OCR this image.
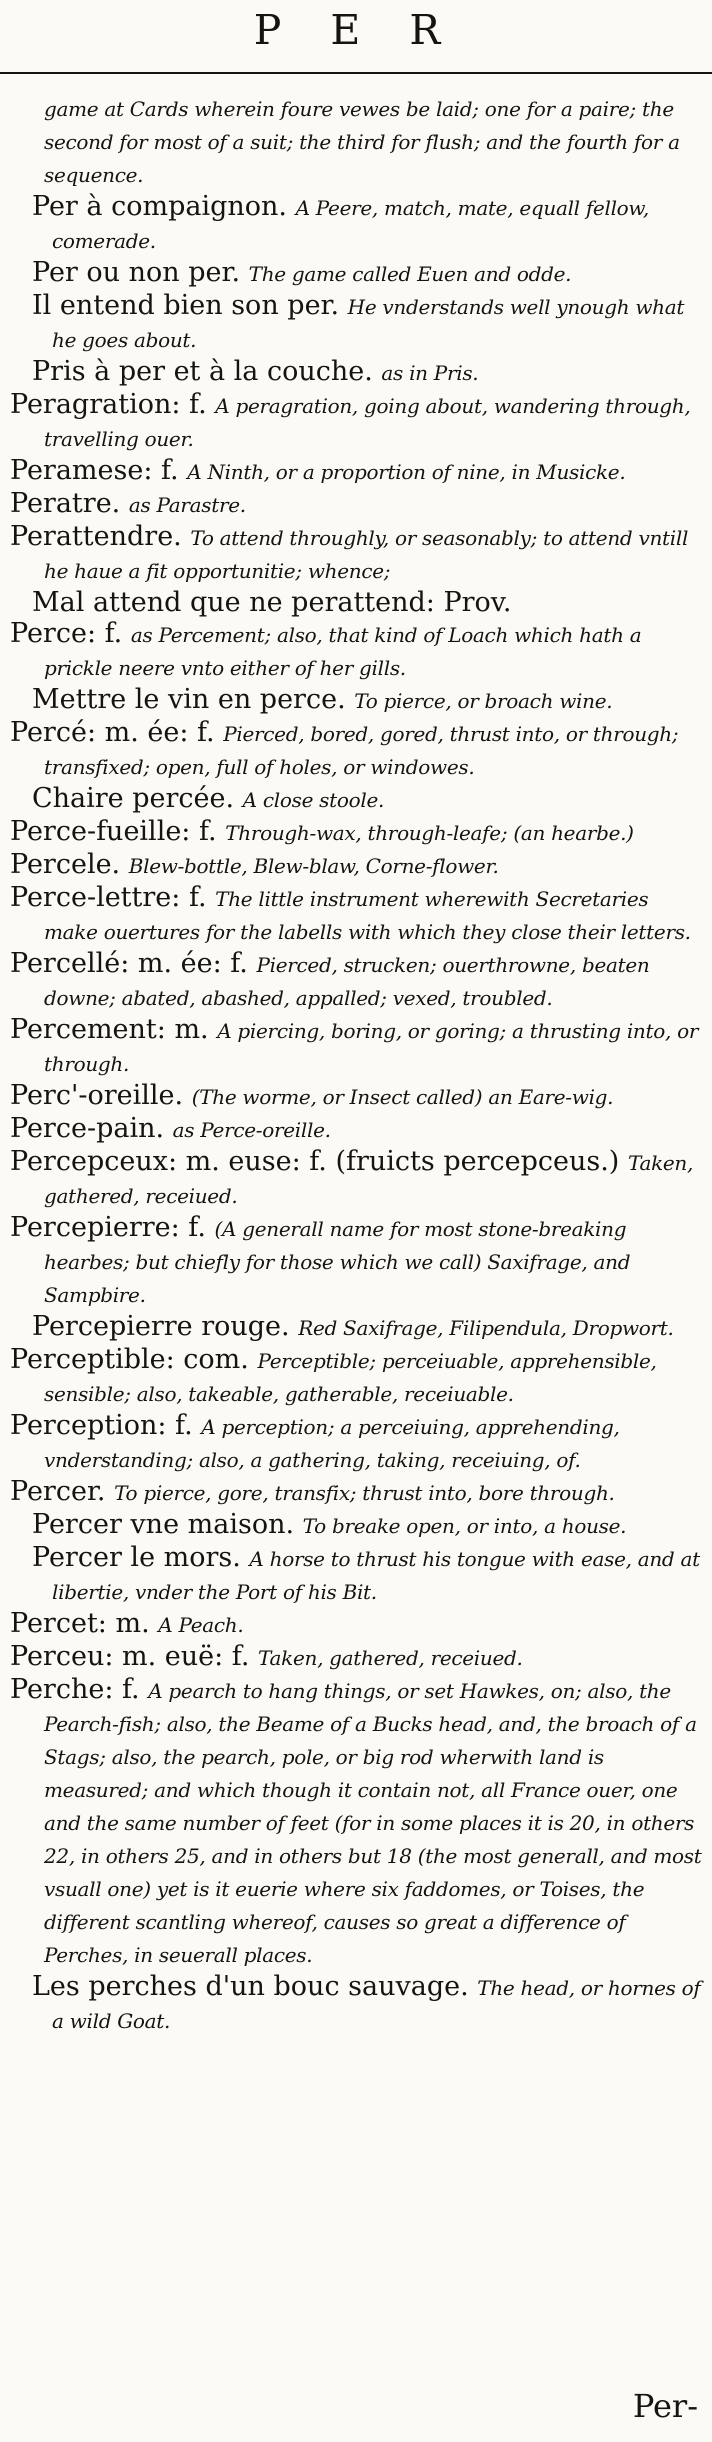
P E R

game at Cards wherein foure vewes be laid; one for a paire; the second for most of a suit; the third for flush; and the fourth for a sequence.

Per à compaignon. A Peere, match, mate, equall fellow, comerade.

Per ou non per. The game called Euen and odde.

Il entend bien son per. He vnderstands well ynough what he goes about.

Pris à per et à la couche. as in Pris.

Peragration: f. A peragration, going about, wandering through, travelling ouer.

Peramese: f. A Ninth, or a proportion of nine, in Musicke.

Peratre. as Parastre.

Perattendre. To attend throughly, or seasonably; to attend vntill he haue a fit opportunitie; whence;

Mal attend que ne perattend: Prov.

Perce: f. as Percement; also, that kind of Loach which hath a prickle neere vnto either of her gills.

Mettre le vin en perce. To pierce, or broach wine.

Percé: m. ée: f. Pierced, bored, gored, thrust into, or through; transfixed; open, full of holes, or windowes.

Chaire percée. A close stoole.

Perce-fueille: f. Through-wax, through-leafe; (an hearbe.)

Percele. Blew-bottle, Blew-blaw, Corne-flower.

Perce-lettre: f. The little instrument wherewith Secretaries make ouertures for the labells with which they close their letters.

Percellé: m. ée: f. Pierced, strucken; ouerthrowne, beaten downe; abated, abashed, appalled; vexed, troubled.

Percement: m. A piercing, boring, or goring; a thrusting into, or through.

Perc'-oreille. (The worme, or Insect called) an Eare-wig.

Perce-pain. as Perce-oreille.

Percepceux: m. euse: f. (fruicts percepceus.) Taken, gathered, receiued.

Percepierre: f. (A generall name for most stone-breaking hearbes; but chiefly for those which we call) Saxifrage, and Sampbire.

Percepierre rouge. Red Saxifrage, Filipendula, Dropwort.

Perceptible: com. Perceptible; perceiuable, apprehensible, sensible; also, takeable, gatherable, receiuable.

Perception: f. A perception; a perceiuing, apprehending, vnderstanding; also, a gathering, taking, receiuing, of.

Percer. To pierce, gore, transfix; thrust into, bore through.

Percer vne maison. To breake open, or into, a house.

Percer le mors. A horse to thrust his tongue with ease, and at libertie, vnder the Port of his Bit.

Percet: m. A Peach.

Perceu: m. euë: f. Taken, gathered, receiued.

Perche: f. A pearch to hang things, or set Hawkes, on; also, the Pearch-fish; also, the Beame of a Bucks head, and, the broach of a Stags; also, the pearch, pole, or big rod wherwith land is measured; and which though it contain not, all France ouer, one and the same number of feet (for in some places it is 20, in others 22, in others 25, and in others but 18 (the most generall, and most vsuall one) yet is it euerie where six faddomes, or Toises, the different scantling whereof, causes so great a difference of Perches, in seuerall places.

Les perches d'un bouc sauvage. The head, or hornes of a wild Goat.

Per-
